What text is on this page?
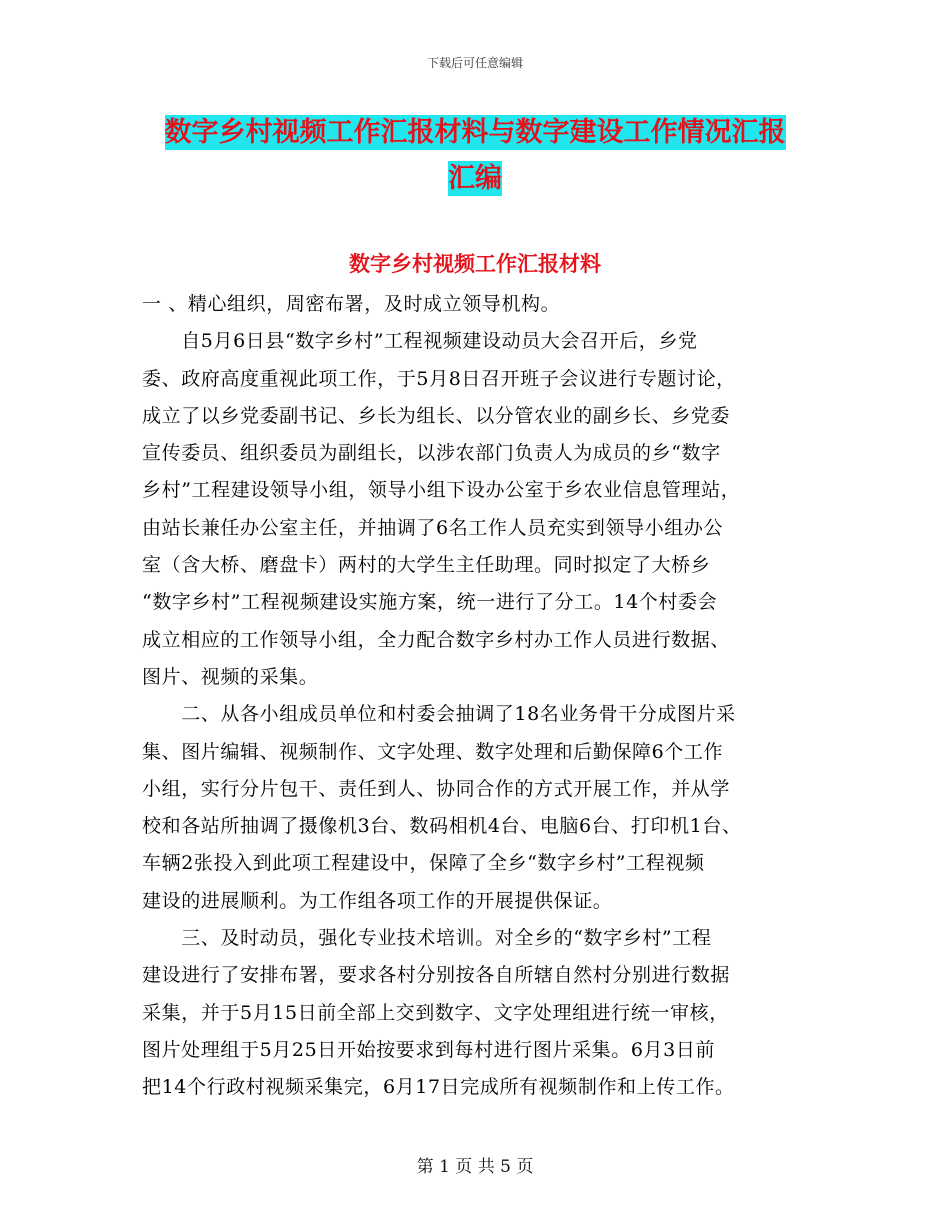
下载后可任意编辑
数字乡村视频工作汇报材料与数字建设工作情况汇报
汇编
数字乡村视频工作汇报材料

一 、精心组织，周密布署，及时成立领导机构。

　　自5月6日县“数字乡村”工程视频建设动员大会召开后，乡党

委、政府高度重视此项工作，于5月8日召开班子会议进行专题讨论，

成立了以乡党委副书记、乡长为组长、以分管农业的副乡长、乡党委

宣传委员、组织委员为副组长，以涉农部门负责人为成员的乡“数字

乡村”工程建设领导小组，领导小组下设办公室于乡农业信息管理站，

由站长兼任办公室主任，并抽调了6名工作人员充实到领导小组办公

室（含大桥、磨盘卡）两村的大学生主任助理。同时拟定了大桥乡

“数字乡村”工程视频建设实施方案，统一进行了分工。14个村委会

成立相应的工作领导小组，全力配合数字乡村办工作人员进行数据、

图片、视频的采集。

　　二、从各小组成员单位和村委会抽调了18名业务骨干分成图片采

集、图片编辑、视频制作、文字处理、数字处理和后勤保障6个工作

小组，实行分片包干、责任到人、协同合作的方式开展工作，并从学

校和各站所抽调了摄像机3台、数码相机4台、电脑6台、打印机1台、

车辆2张投入到此项工程建设中，保障了全乡“数字乡村”工程视频

建设的进展顺利。为工作组各项工作的开展提供保证。

　　三、及时动员，强化专业技术培训。对全乡的“数字乡村”工程

建设进行了安排布署，要求各村分别按各自所辖自然村分别进行数据

采集，并于5月15日前全部上交到数字、文字处理组进行统一审核，

图片处理组于5月25日开始按要求到每村进行图片采集。6月3日前

把14个行政村视频采集完，6月17日完成所有视频制作和上传工作。

第 1 页 共 5 页
